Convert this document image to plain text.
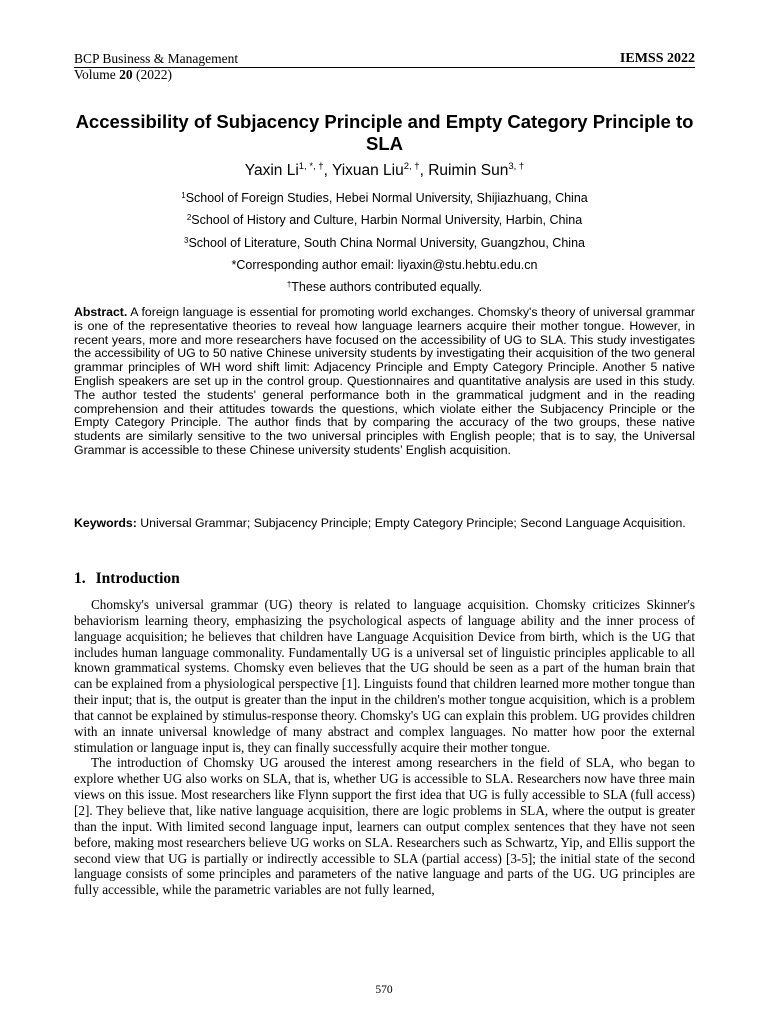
BCP Business & Management	IEMSS 2022
Volume 20 (2022)
Accessibility of Subjacency Principle and Empty Category Principle to SLA
Yaxin $Li^{1, *, \dagger}$, Yixuan Liu$^{2, \dagger}$, Ruimin Sun$^{3, \dagger}$
$^1$School of Foreign Studies, Hebei Normal University, Shijiazhuang, China
$^2$School of History and Culture, Harbin Normal University, Harbin, China
$^3$School of Literature, South China Normal University, Guangzhou, China
*Corresponding author email: liyaxin@stu.hebtu.edu.cn
†These authors contributed equally.
Abstract. A foreign language is essential for promoting world exchanges. Chomsky's theory of universal grammar is one of the representative theories to reveal how language learners acquire their mother tongue. However, in recent years, more and more researchers have focused on the accessibility of UG to SLA. This study investigates the accessibility of UG to 50 native Chinese university students by investigating their acquisition of the two general grammar principles of WH word shift limit: Adjacency Principle and Empty Category Principle. Another 5 native English speakers are set up in the control group. Questionnaires and quantitative analysis are used in this study. The author tested the students' general performance both in the grammatical judgment and in the reading comprehension and their attitudes towards the questions, which violate either the Subjacency Principle or the Empty Category Principle. The author finds that by comparing the accuracy of the two groups, these native students are similarly sensitive to the two universal principles with English people; that is to say, the Universal Grammar is accessible to these Chinese university students’ English acquisition.
Keywords: Universal Grammar; Subjacency Principle; Empty Category Principle; Second Language Acquisition.
1. Introduction

Chomsky's universal grammar (UG) theory is related to language acquisition. Chomsky criticizes Skinner's behaviorism learning theory, emphasizing the psychological aspects of language ability and the inner process of language acquisition; he believes that children have Language Acquisition Device from birth, which is the UG that includes human language commonality. Fundamentally UG is a universal set of linguistic principles applicable to all known grammatical systems. Chomsky even believes that the UG should be seen as a part of the human brain that can be explained from a physiological perspective [1]. Linguists found that children learned more mother tongue than their input; that is, the output is greater than the input in the children's mother tongue acquisition, which is a problem that cannot be explained by stimulus-response theory. Chomsky's UG can explain this problem. UG provides children with an innate universal knowledge of many abstract and complex languages. No matter how poor the external stimulation or language input is, they can finally successfully acquire their mother tongue.

The introduction of Chomsky UG aroused the interest among researchers in the field of SLA, who began to explore whether UG also works on SLA, that is, whether UG is accessible to SLA. Researchers now have three main views on this issue. Most researchers like Flynn support the first idea that UG is fully accessible to SLA (full access) [2]. They believe that, like native language acquisition, there are logic problems in SLA, where the output is greater than the input. With limited second language input, learners can output complex sentences that they have not seen before, making most researchers believe UG works on SLA. Researchers such as Schwartz, Yip, and Ellis support the second view that UG is partially or indirectly accessible to SLA (partial access) [3-5]; the initial state of the second language consists of some principles and parameters of the native language and parts of the UG. UG principles are fully accessible, while the parametric variables are not fully learned,

570
